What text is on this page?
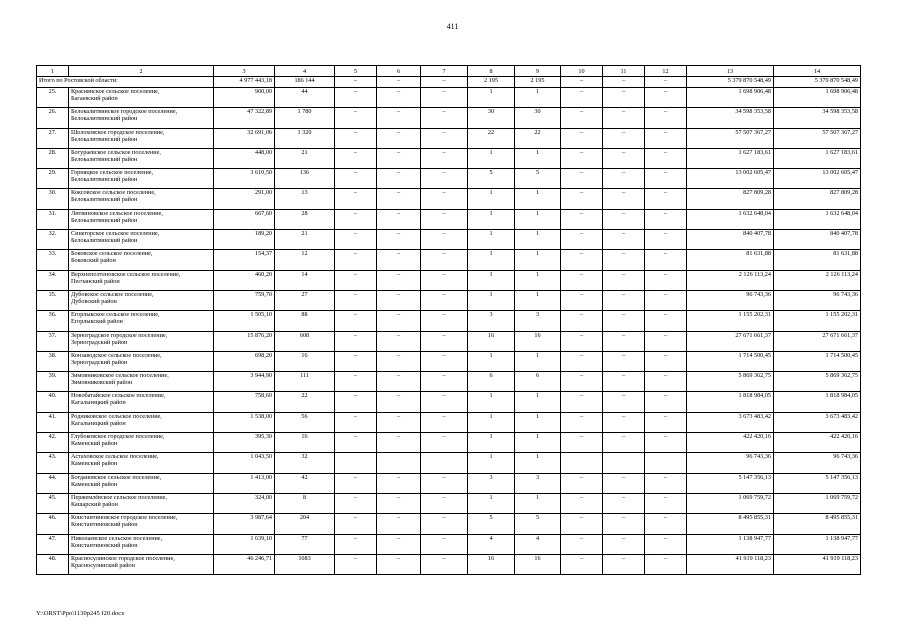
411
1	2	3	4	5	6	7	8	9	10	11	12	13	14
Итого по Ростовской области:		4 977 443,18	186 144	–	–	–	2 195	2 195	–	–	–	5 379 870 548,49	5 379 870 548,49
25.	Краснянское сельское поселение,
Багаевский район	900,00	44	–	–	–	1	1	–	–	–	1 698 906,48	1 698 906,48
26.	Белокалитвинское городское поселение,
Белокалитвинский район	47 322,89	1 780	–	–	–	30	30	–	–	–	34 598 353,58	34 598 353,58
27.	Шолоховское городское поселение,
Белокалитвинский район	32 691,06	1 320	–	–	–	22	22	–	–	–	57 507 367,27	57 507 367,27
28.	Богураевское сельское поселение,
Белокалитвинский район	448,00	21	–	–	–	1	1	–	–	–	1 627 183,61	1 627 183,61
29.	Горняцкое сельское поселение,
Белокалитвинский район	3 610,50	136	–	–	–	5	5	–	–	–	13 002 605,47	13 002 605,47
30.	Коксовское сельское поселение,
Белокалитвинский район	291,00	13	–	–	–	1	1	–	–	–	827 809,28	827 809,28
31.	Литвиновское сельское поселение,
Белокалитвинский район	667,60	28	–	–	–	1	1	–	–	–	1 632 648,04	1 632 648,04
32.	Синегорское сельское поселение,
Белокалитвинский район	189,20	21	–	–	–	1	1	–	–	–	840 407,78	840 407,78
33.	Боковское сельское поселение,
Боковский район	154,37	12	–	–	–	1	1	–	–	–	81 631,88	81 631,88
34.	Верхнеполтеновское сельское поселение,
Песчанский район	460,20	14	–	–	–	1	1	–	–	–	2 126 113,24	2 126 113,24
35.	Дубовское сельское поселение,
Дубовский район	759,70	27	–	–	–	1	1	–	–	–	96 743,36	96 743,36
36.	Егорлыкское сельское поселение,
Егорлыкский район	1 505,10	88	–	–	–	3	3	–	–	–	1 155 202,31	1 155 202,31
37.	Зерноградское городское поселение,
Зерноградский район	15 876,20	608	–	–	–	16	16	–	–	–	27 671 661,37	27 671 661,37
38.	Конзаводское сельское поселение,
Зерноградский район	698,20	16	–	–	–	1	1	–	–	–	1 714 500,45	1 714 500,45
39.	Зимовниковское сельское поселение,
Зимовниковский район	3 944,90	111	–	–	–	6	6	–	–	–	5 869 362,75	5 869 362,75
40.	Новобатайское сельское поселение,
Кагальницкий район	758,60	22	–	–	–	1	1	–	–	–	1 818 984,05	1 818 984,05
41.	Родниковское сельское поселение,
Кагальницкий район	1 538,00	56	–	–	–	1	1	–	–	–	3 673 483,42	3 673 483,42
42.	Глубоковское городское поселение,
Каменский район	395,30	16	–	–	–	1	1	–	–	–	422 420,16	422 420,16
43.	Астаховское сельское поселение,
Каменский район	1 043,50	32				1	1				96 743,36	96 743,36
44.	Богдановское сельское поселение,
Каменский район	1 413,00	42	–	–	–	3	3	–	–	–	5 147 356,13	5 147 356,13
45.	Пержемлёвское сельское поселение,
Кашарский район	324,00	8	–	–	–	1	1	–	–	–	1 069 759,72	1 069 759,72
46.	Константиновское городское поселение,
Константиновский район	3 987,64	204	–	–	–	5	5	–	–	–	8 495 855,31	8 495 855,31
47.	Николаевское сельское поселение,
Константиновский район	1 639,10	77	–	–	–	4	4	–	–	–	1 138 947,77	1 138 947,77
48.	Красносулинское городское поселение,
Красносулинский район	46 246,71	1083	–	–	–	16	16	–	–	–	41 919 118,23	41 919 118,23
Y:\ORST\Ppo\1130p245 f20.docx
